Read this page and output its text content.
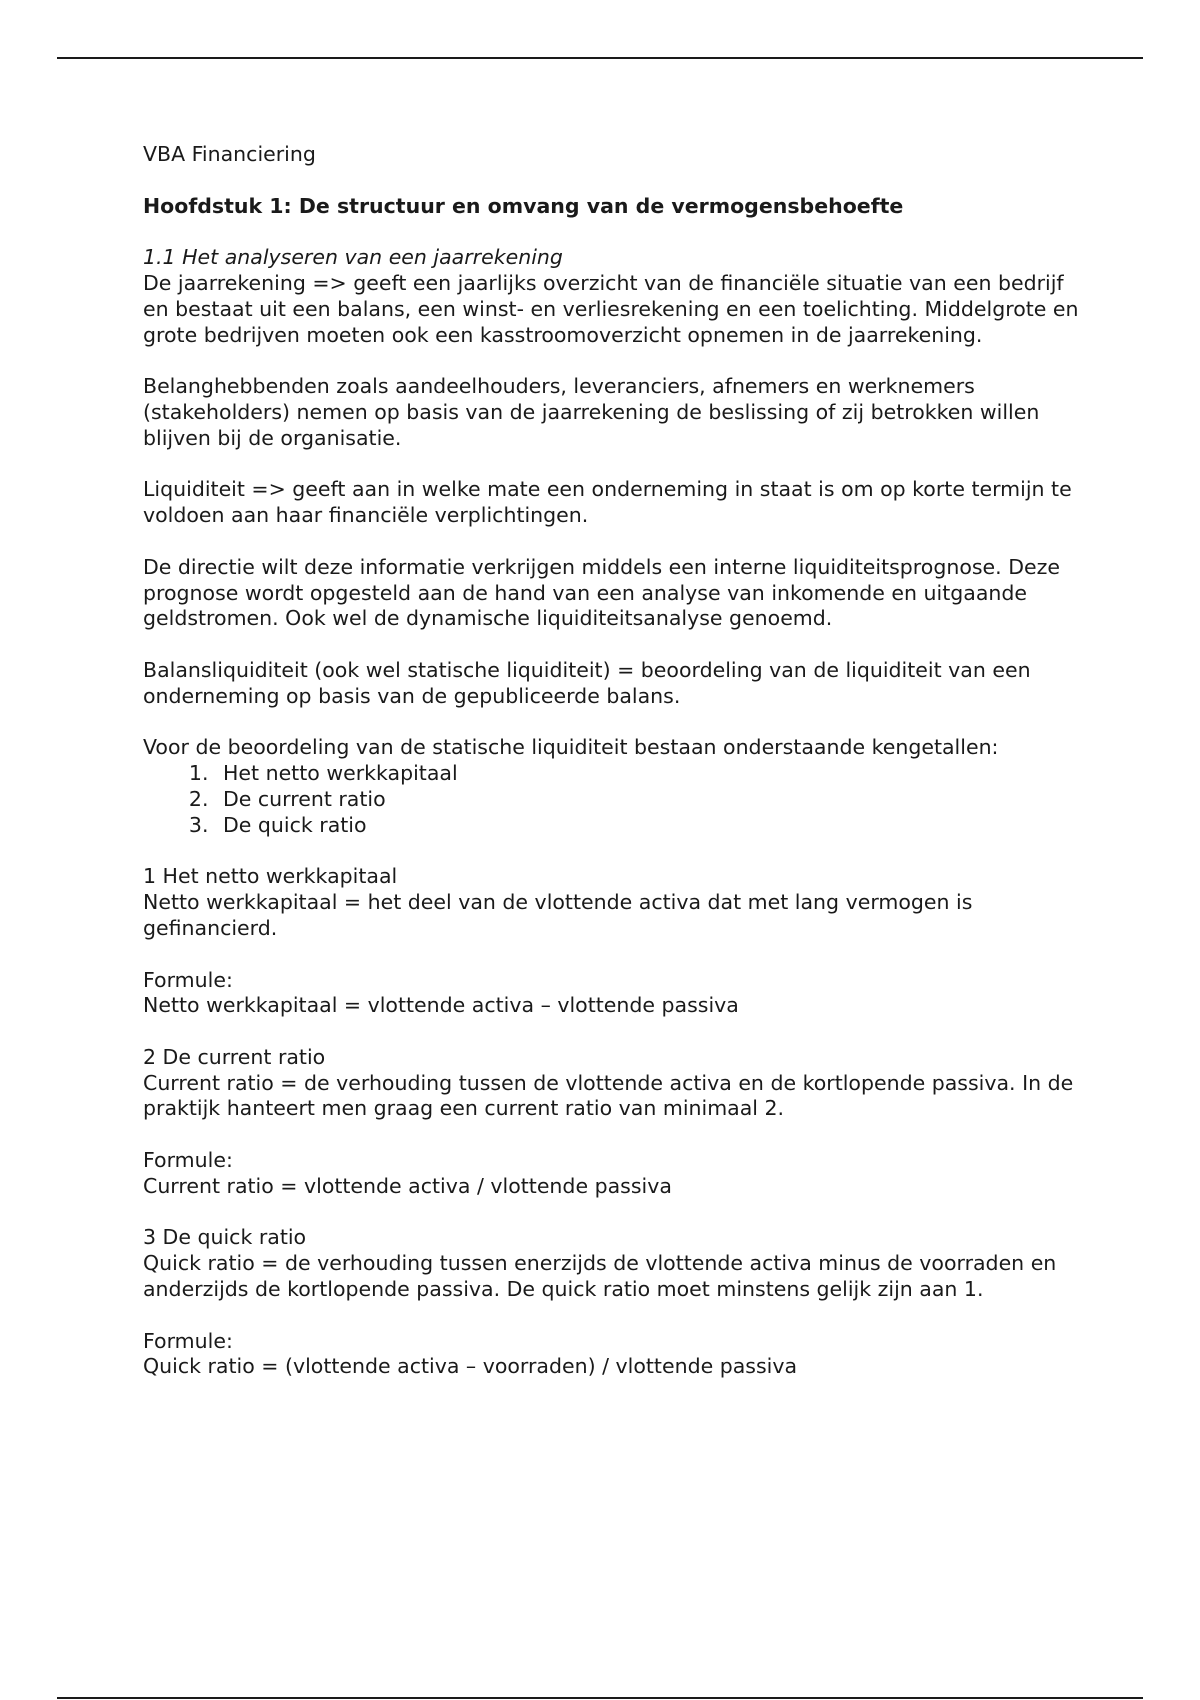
VBA Financiering

Hoofdstuk 1: De structuur en omvang van de vermogensbehoefte
1.1 Het analyseren van een jaarrekening

De jaarrekening => geeft een jaarlijks overzicht van de financiële situatie van een bedrijf en bestaat uit een balans, een winst- en verliesrekening en een toelichting. Middelgrote en grote bedrijven moeten ook een kasstroomoverzicht opnemen in de jaarrekening.

Belanghebbenden zoals aandeelhouders, leveranciers, afnemers en werknemers (stakeholders) nemen op basis van de jaarrekening de beslissing of zij betrokken willen blijven bij de organisatie.

Liquiditeit => geeft aan in welke mate een onderneming in staat is om op korte termijn te voldoen aan haar financiële verplichtingen.

De directie wilt deze informatie verkrijgen middels een interne liquiditeitsprognose. Deze prognose wordt opgesteld aan de hand van een analyse van inkomende en uitgaande geldstromen. Ook wel de dynamische liquiditeitsanalyse genoemd.

Balansliquiditeit (ook wel statische liquiditeit) = beoordeling van de liquiditeit van een onderneming op basis van de gepubliceerde balans.

Voor de beoordeling van de statische liquiditeit bestaan onderstaande kengetallen:

1. Het netto werkkapitaal
2. De current ratio
3. De quick ratio
1 Het netto werkkapitaal
Netto werkkapitaal = het deel van de vlottende activa dat met lang vermogen is gefinancierd.
Formule:
Netto werkkapitaal = vlottende activa – vlottende passiva
2 De current ratio
Current ratio = de verhouding tussen de vlottende activa en de kortlopende passiva. In de praktijk hanteert men graag een current ratio van minimaal 2.
Formule:
Current ratio = vlottende activa / vlottende passiva
3 De quick ratio
Quick ratio = de verhouding tussen enerzijds de vlottende activa minus de voorraden en anderzijds de kortlopende passiva. De quick ratio moet minstens gelijk zijn aan 1.
Formule:
Quick ratio = (vlottende activa – voorraden) / vlottende passiva
